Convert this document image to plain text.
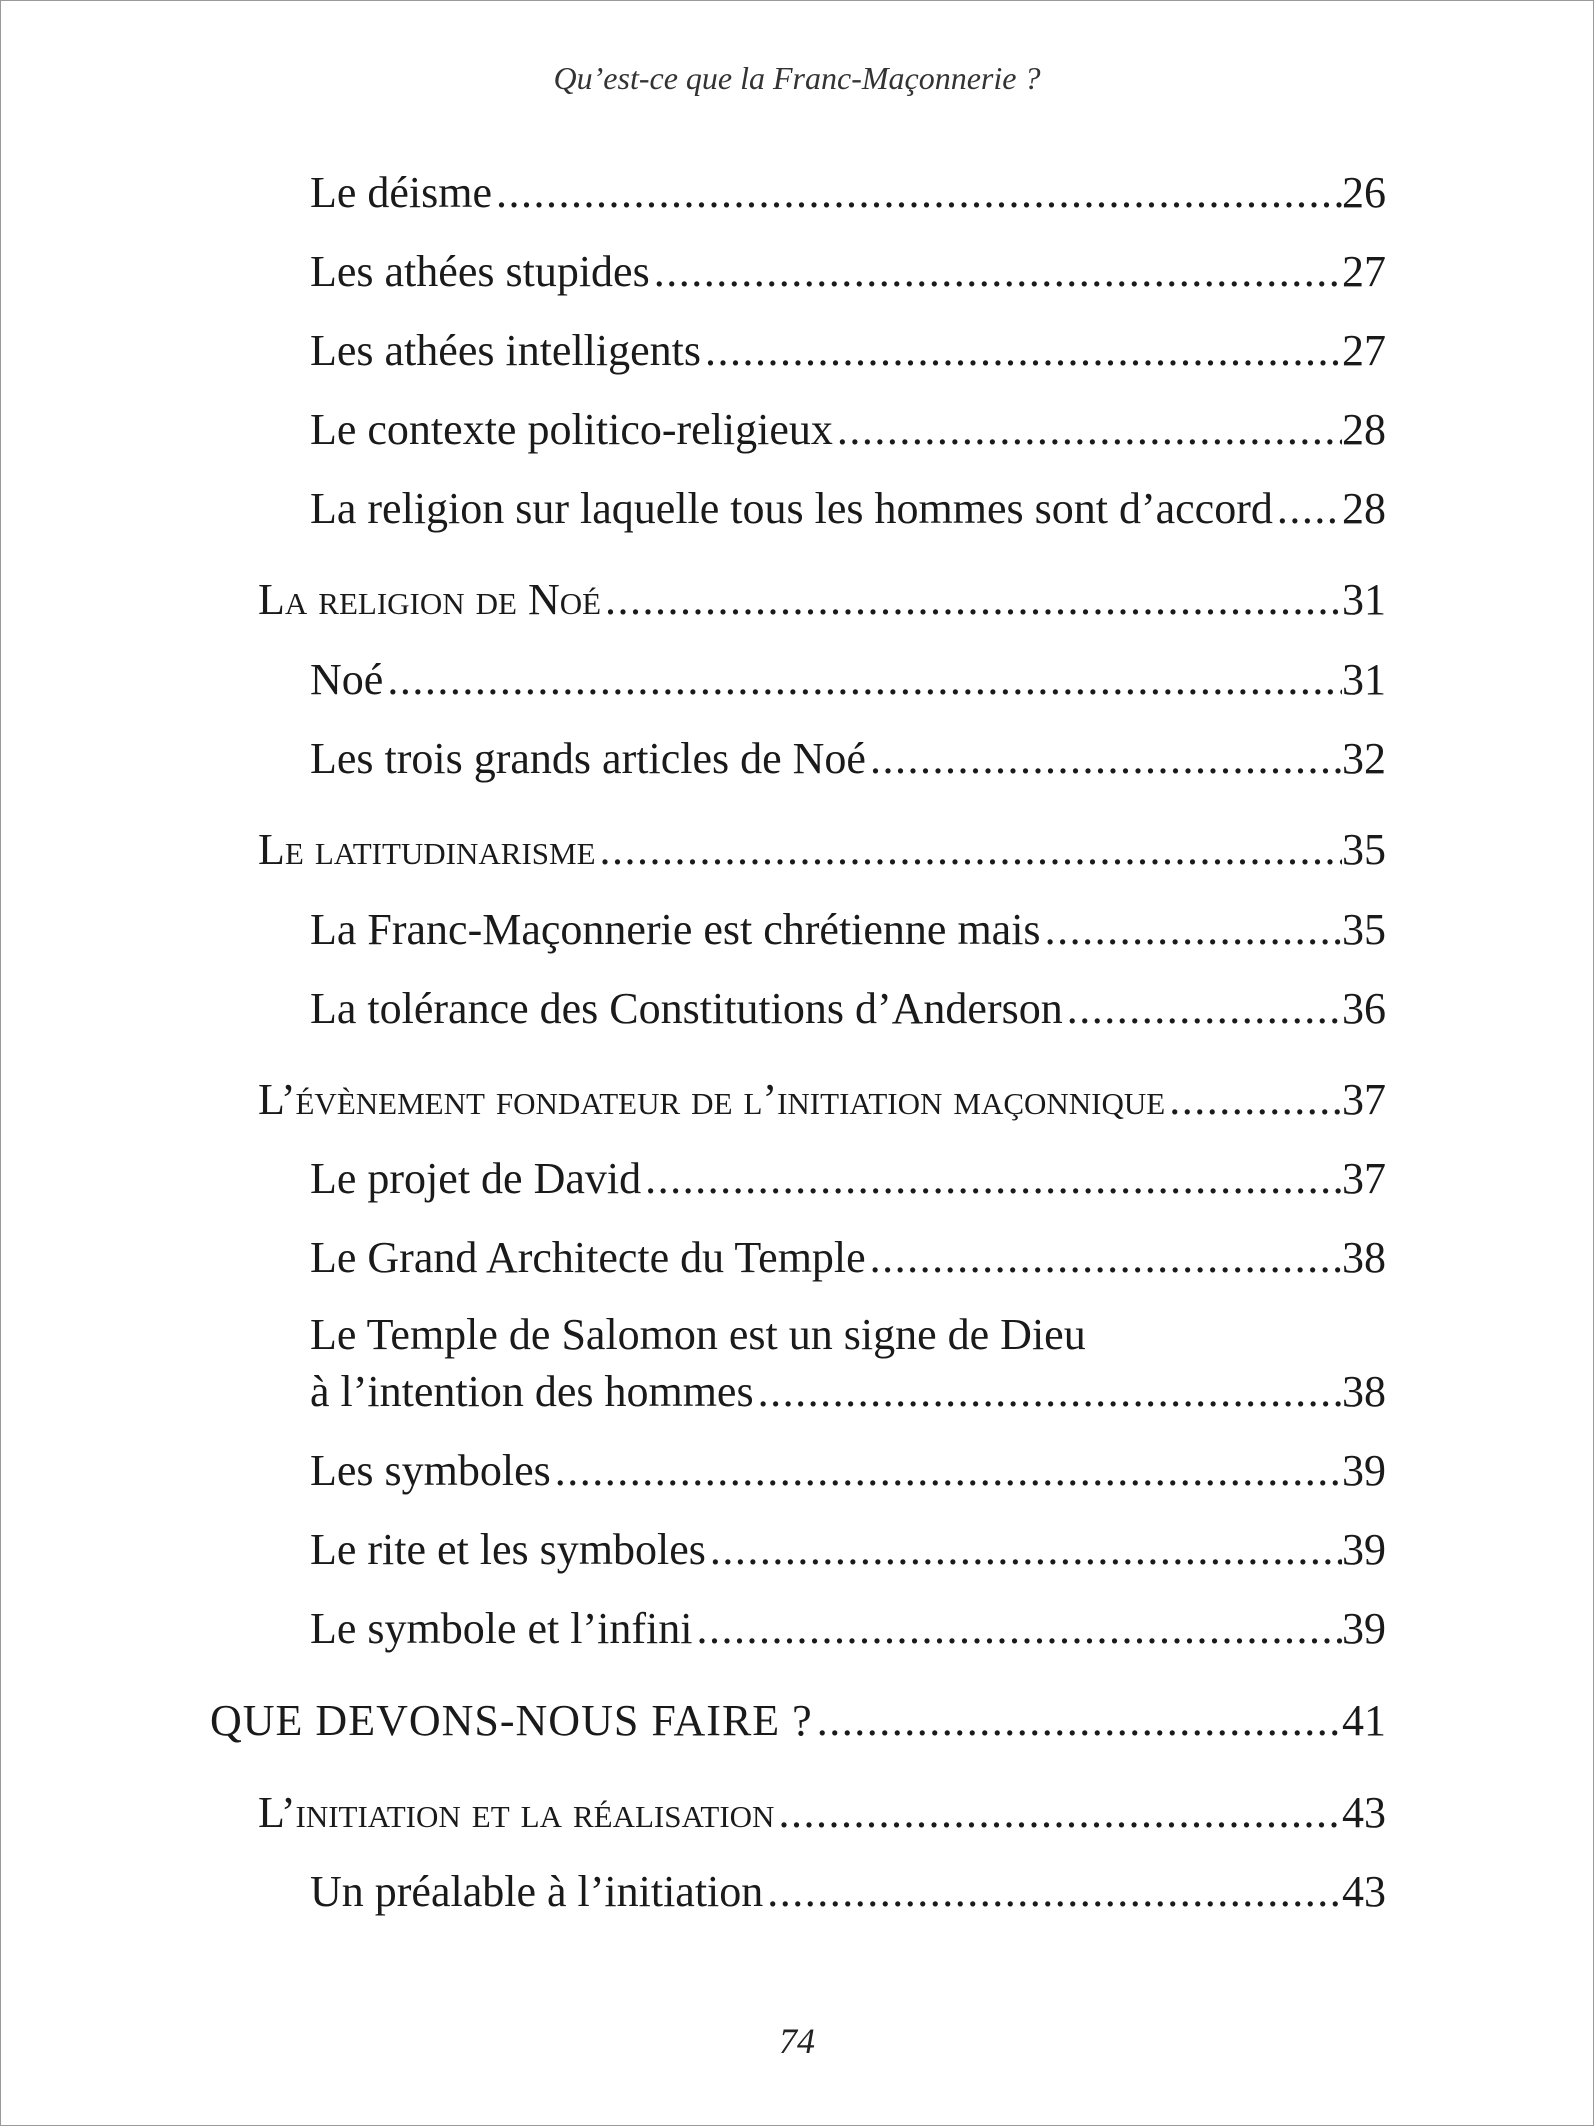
Qu’est-ce que la Franc-Maçonnerie ?
Le déisme .....	26
Les athées stupides .....	27
Les athées intelligents .....	27
Le contexte politico-religieux .....	28
La religion sur laquelle tous les hommes sont d’accord ..... 28
La religion de Noé .....	31
Noé .....	31
Les trois grands articles de Noé .....	32
Le latitudinarisme .....	35
La Franc-Maçonnerie est chrétienne mais .....	35
La tolérance des Constitutions d’Anderson .....	36
L’évènement fondateur de l’initiation maçonnique .....	37
Le projet de David .....	37
Le Grand Architecte du Temple .....	38
Le Temple de Salomon est un signe de Dieu
à l’intention des hommes .....	38
Les symboles .....	39
Le rite et les symboles .....	39
Le symbole et l’infini .....	39
QUE DEVONS-NOUS FAIRE ? .....	41
L’initiation et la réalisation .....	43
Un préalable à l’initiation .....	43
74
